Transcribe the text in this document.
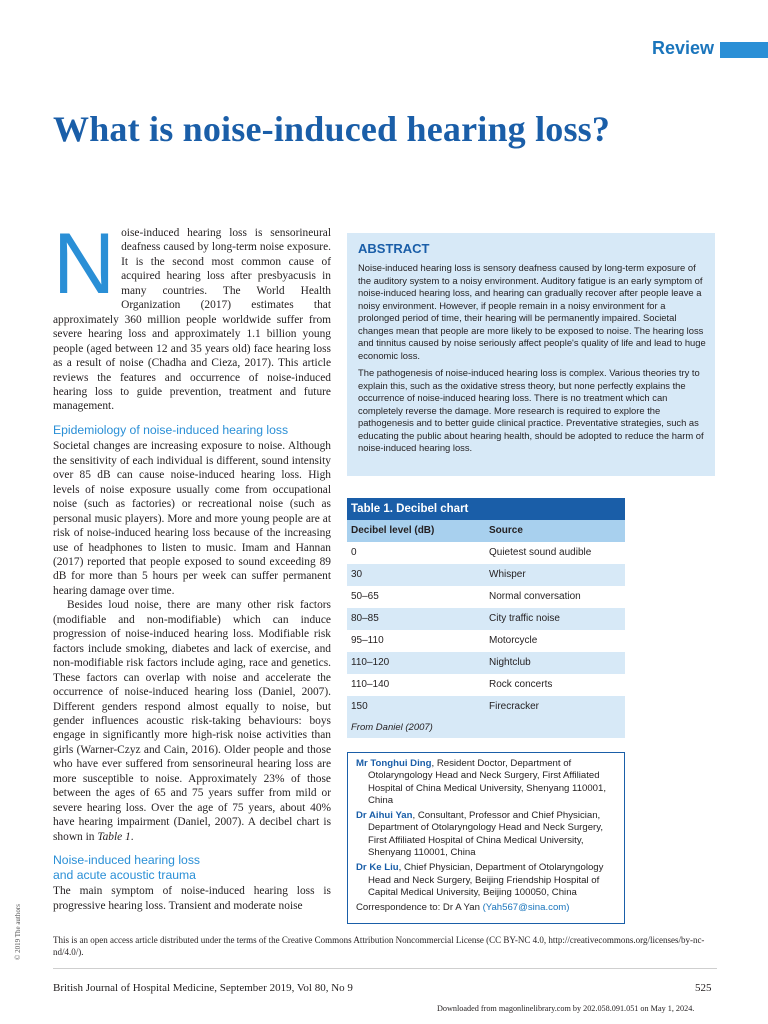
Review
What is noise-induced hearing loss?

Noise-induced hearing loss is sensorineural deafness caused by long-term noise exposure. It is the second most common cause of acquired hearing loss after presbyacusis in many countries. The World Health Organization (2017) estimates that approximately 360 million people worldwide suffer from severe hearing loss and approximately 1.1 billion young people (aged between 12 and 35 years old) face hearing loss as a result of noise (Chadha and Cieza, 2017). This article reviews the features and occurrence of noise-induced hearing loss to guide prevention, treatment and future management.

Epidemiology of noise-induced hearing loss

Societal changes are increasing exposure to noise. Although the sensitivity of each individual is different, sound intensity over 85 dB can cause noise-induced hearing loss. High levels of noise exposure usually come from occupational noise (such as factories) or recreational noise (such as personal music players). More and more young people are at risk of noise-induced hearing loss because of the increasing use of headphones to listen to music. Imam and Hannan (2017) reported that people exposed to sound exceeding 89 dB for more than 5 hours per week can suffer permanent hearing damage over time.

Besides loud noise, there are many other risk factors (modifiable and non-modifiable) which can induce progression of noise-induced hearing loss. Modifiable risk factors include smoking, diabetes and lack of exercise, and non-modifiable risk factors include aging, race and genetics. These factors can overlap with noise and accelerate the occurrence of noise-induced hearing loss (Daniel, 2007). Different genders respond almost equally to noise, but gender influences acoustic risk-taking behaviours: boys engage in significantly more high-risk noise activities than girls (Warner-Czyz and Cain, 2016). Older people and those who have ever suffered from sensorineural hearing loss are more susceptible to noise. Approximately 23% of those between the ages of 65 and 75 years suffer from mild or severe hearing loss. Over the age of 75 years, about 40% have hearing impairment (Daniel, 2007). A decibel chart is shown in Table 1.

Noise-induced hearing loss
and acute acoustic trauma

The main symptom of noise-induced hearing loss is progressive hearing loss. Transient and moderate noise

ABSTRACT

Noise-induced hearing loss is sensory deafness caused by long-term exposure of the auditory system to a noisy environment. Auditory fatigue is an early symptom of noise-induced hearing loss, and hearing can gradually recover after people leave a noisy environment. However, if people remain in a noisy environment for a prolonged period of time, their hearing will be permanently impaired. Societal changes mean that people are more likely to be exposed to noise. The hearing loss and tinnitus caused by noise seriously affect people's quality of life and lead to huge economic loss.

The pathogenesis of noise-induced hearing loss is complex. Various theories try to explain this, such as the oxidative stress theory, but none perfectly explains the occurrence of noise-induced hearing loss. There is no treatment which can completely reverse the damage. More research is required to explore the pathogenesis and to better guide clinical practice. Preventative strategies, such as educating the public about hearing health, should be adopted to reduce the harm of noise-induced hearing loss.

Table 1. Decibel chart
Decibel level (dB)	Source
0	Quietest sound audible
30	Whisper
50–65	Normal conversation
80–85	City traffic noise
95–110	Motorcycle
110–120	Nightclub
110–140	Rock concerts
150	Firecracker
From Daniel (2007)

Mr Tonghui Ding, Resident Doctor, Department of Otolaryngology Head and Neck Surgery, First Affiliated Hospital of China Medical University, Shenyang 110001, China

Dr Aihui Yan, Consultant, Professor and Chief Physician, Department of Otolaryngology Head and Neck Surgery, First Affiliated Hospital of China Medical University, Shenyang 110001, China

Dr Ke Liu, Chief Physician, Department of Otolaryngology Head and Neck Surgery, Beijing Friendship Hospital of Capital Medical University, Beijing 100050, China

Correspondence to: Dr A Yan (Yah567@sina.com)

© 2019 The authors	This is an open access article distributed under the terms of the Creative Commons Attribution Noncommercial License (CC BY-NC 4.0, http://creativecommons.org/licenses/by-nc-nd/4.0/).

British Journal of Hospital Medicine, September 2019, Vol 80, No 9	525
Downloaded from magonlinelibrary.com by 202.058.091.051 on May 1, 2024.
